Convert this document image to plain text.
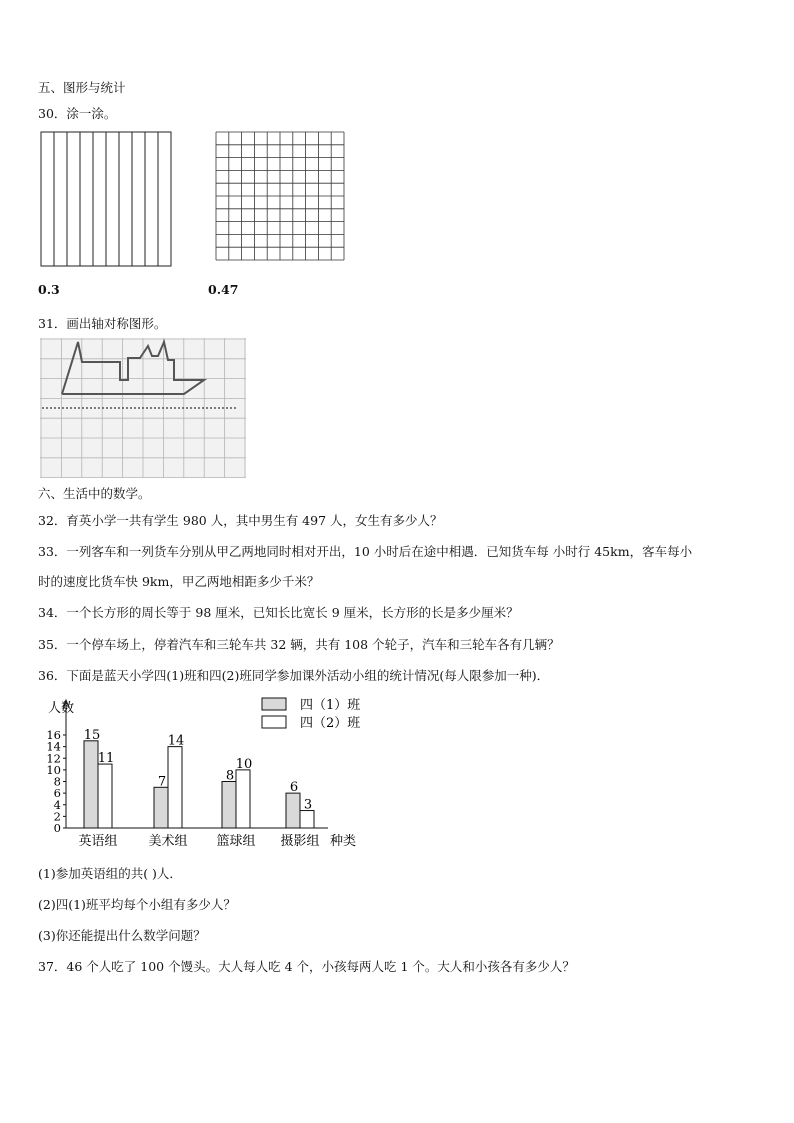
五、图形与统计
30．涂一涂。
0.3	0.47
31．画出轴对称图形。
六、生活中的数学。
32．育英小学一共有学生 980 人，其中男生有 497 人，女生有多少人？
33．一列客车和一列货车分别从甲乙两地同时相对开出，10 小时后在途中相遇．已知货车每 小时行 45km，客车每小
时的速度比货车快 9km，甲乙两地相距多少千米？
34．一个长方形的周长等于 98 厘米，已知长比宽长 9 厘米，长方形的长是多少厘米？
35．一个停车场上，停着汽车和三轮车共 32 辆，共有 108 个轮子，汽车和三轮车各有几辆？
36．下面是蓝天小学四(1)班和四(2)班同学参加课外活动小组的统计情况(每人限参加一种)．
人数
0
2
4
6
8
10
12
14
16 15
11
英语组
7
14
美术组
8
10
篮球组
6
3
摄影组 种类
四（1）班
四（2）班
(1)参加英语组的共( )人．
(2)四(1)班平均每个小组有多少人？
(3)你还能提出什么数学问题？
37．46 个人吃了 100 个馒头。大人每人吃 4 个，小孩每两人吃 1 个。大人和小孩各有多少人？
